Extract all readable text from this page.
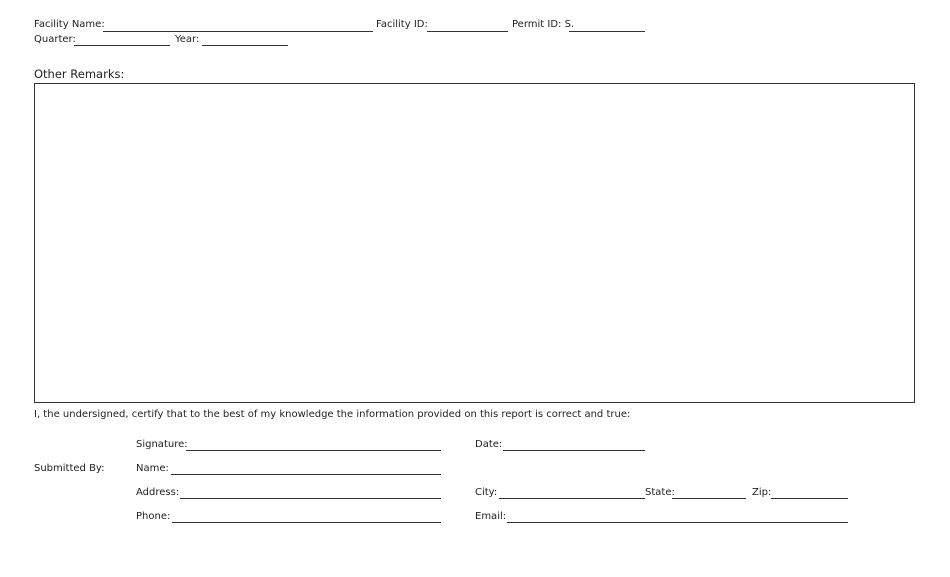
Facility Name:	Facility ID:	Permit ID: S.
Quarter:	Year:
Other Remarks:
I, the undersigned, certify that to the best of my knowledge the information provided on this report is correct and true:
Submitted By:
Signature:	Date:
Name:
Address:	City:	State:	Zip:
Phone:	Email:
